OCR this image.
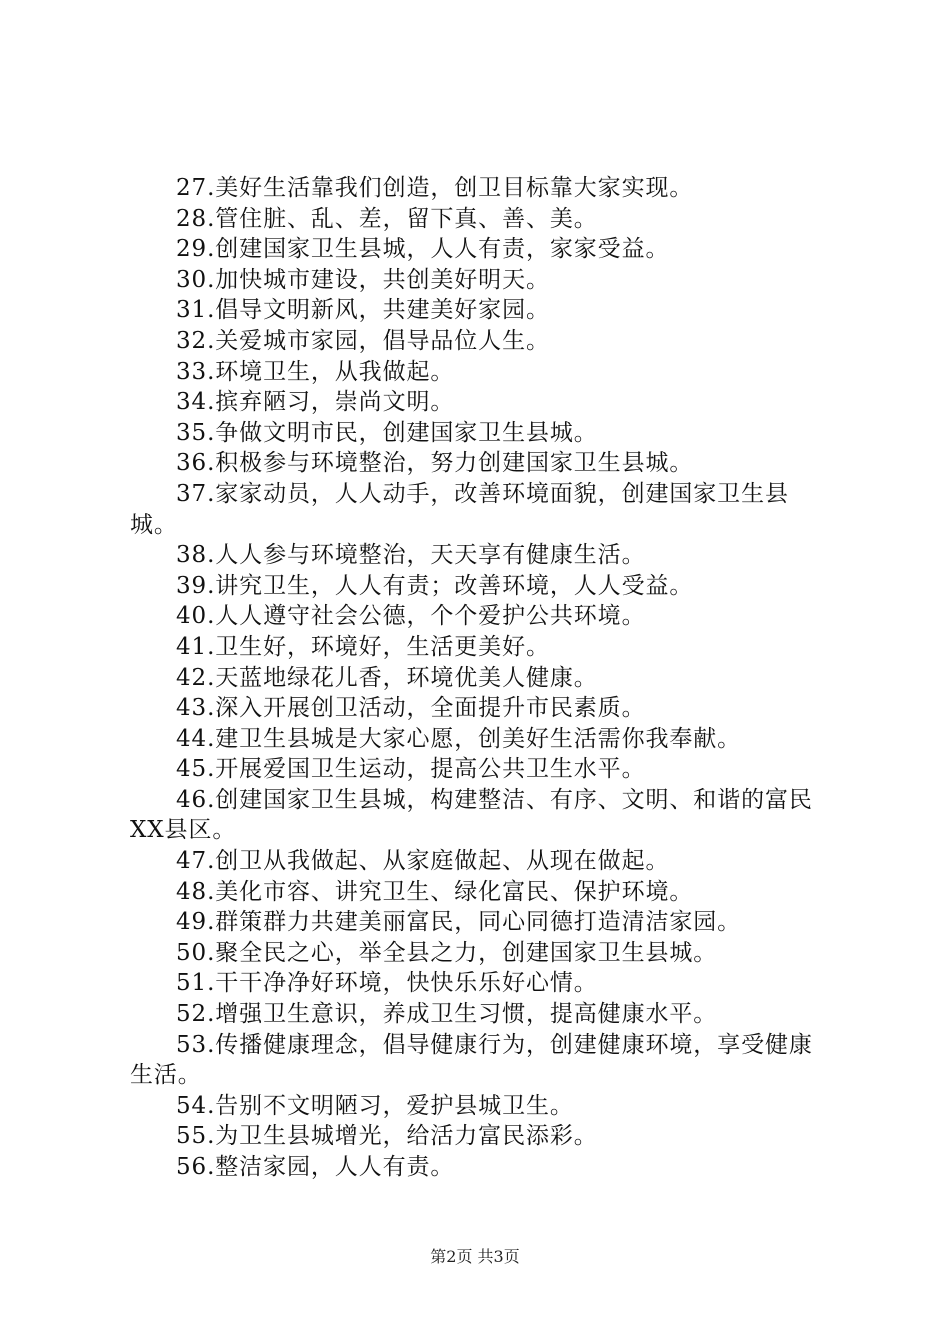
27.美好生活靠我们创造，创卫目标靠大家实现。

28.管住脏、乱、差，留下真、善、美。

29.创建国家卫生县城，人人有责，家家受益。

30.加快城市建设，共创美好明天。

31.倡导文明新风，共建美好家园。

32.关爱城市家园，倡导品位人生。

33.环境卫生，从我做起。

34.摈弃陋习，崇尚文明。

35.争做文明市民，创建国家卫生县城。

36.积极参与环境整治，努力创建国家卫生县城。

37.家家动员，人人动手，改善环境面貌，创建国家卫生县城。

38.人人参与环境整治，天天享有健康生活。

39.讲究卫生，人人有责；改善环境，人人受益。

40.人人遵守社会公德，个个爱护公共环境。

41.卫生好，环境好，生活更美好。

42.天蓝地绿花儿香，环境优美人健康。

43.深入开展创卫活动，全面提升市民素质。

44.建卫生县城是大家心愿，创美好生活需你我奉献。

45.开展爱国卫生运动，提高公共卫生水平。

46.创建国家卫生县城，构建整洁、有序、文明、和谐的富民XX县区。

47.创卫从我做起、从家庭做起、从现在做起。

48.美化市容、讲究卫生、绿化富民、保护环境。

49.群策群力共建美丽富民，同心同德打造清洁家园。

50.聚全民之心，举全县之力，创建国家卫生县城。

51.干干净净好环境，快快乐乐好心情。

52.增强卫生意识，养成卫生习惯，提高健康水平。

53.传播健康理念，倡导健康行为，创建健康环境，享受健康生活。

54.告别不文明陋习，爱护县城卫生。

55.为卫生县城增光，给活力富民添彩。

56.整洁家园，人人有责。

第2页 共3页
